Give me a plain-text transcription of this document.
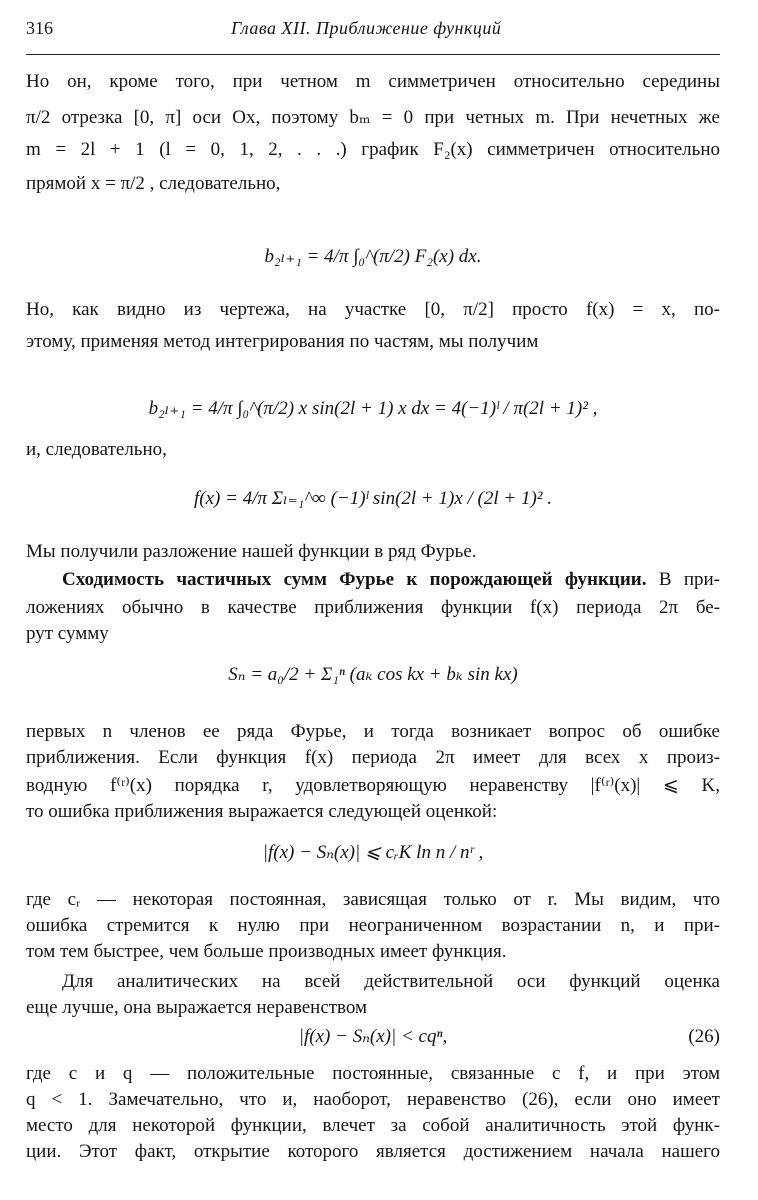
316	Глава XII. Приближение функций
Но он, кроме того, при четном m симметричен относительно середины
π/2 отрезка [0, π] оси Ox, поэтому bₘ = 0 при четных m. При нечетных же
m = 2l + 1 (l = 0, 1, 2, . . .) график F₂(x) симметричен относительно
прямой x = π/2 , следовательно,
b₂ₗ₊₁ = 4/π ∫₀^(π/2) F₂(x) dx.
Но, как видно из чертежа, на участке [0, π/2] просто f(x) = x, по-
этому, применяя метод интегрирования по частям, мы получим
b₂ₗ₊₁ = 4/π ∫₀^(π/2) x sin(2l + 1) x dx = 4(−1)ˡ / π(2l + 1)² ,
и, следовательно,
f(x) = 4/π Σₗ₌₁^∞ (−1)ˡ sin(2l + 1)x / (2l + 1)² .
Мы получили разложение нашей функции в ряд Фурье.
Сходимость частичных сумм Фурье к порождающей функции. В при-
ложениях обычно в качестве приближения функции f(x) периода 2π бе-
рут сумму
Sₙ = a₀/2 + Σ₁ⁿ (aₖ cos kx + bₖ sin kx)
первых n членов ее ряда Фурье, и тогда возникает вопрос об ошибке
приближения. Если функция f(x) периода 2π имеет для всех x произ-
водную f⁽ʳ⁾(x) порядка r, удовлетворяющую неравенству |f⁽ʳ⁾(x)| ⩽ K,
то ошибка приближения выражается следующей оценкой:
|f(x) − Sₙ(x)| ⩽ cᵣK ln n / nʳ ,
где cᵣ — некоторая постоянная, зависящая только от r. Мы видим, что
ошибка стремится к нулю при неограниченном возрастании n, и при-
том тем быстрее, чем больше производных имеет функция.
Для аналитических на всей действительной оси функций оценка
еще лучше, она выражается неравенством
|f(x) − Sₙ(x)| < cqⁿ,	(26)
где c и q — положительные постоянные, связанные с f, и при этом
q < 1. Замечательно, что и, наоборот, неравенство (26), если оно имеет
место для некоторой функции, влечет за собой аналитичность этой функ-
ции. Этот факт, открытие которого является достижением начала нашего
